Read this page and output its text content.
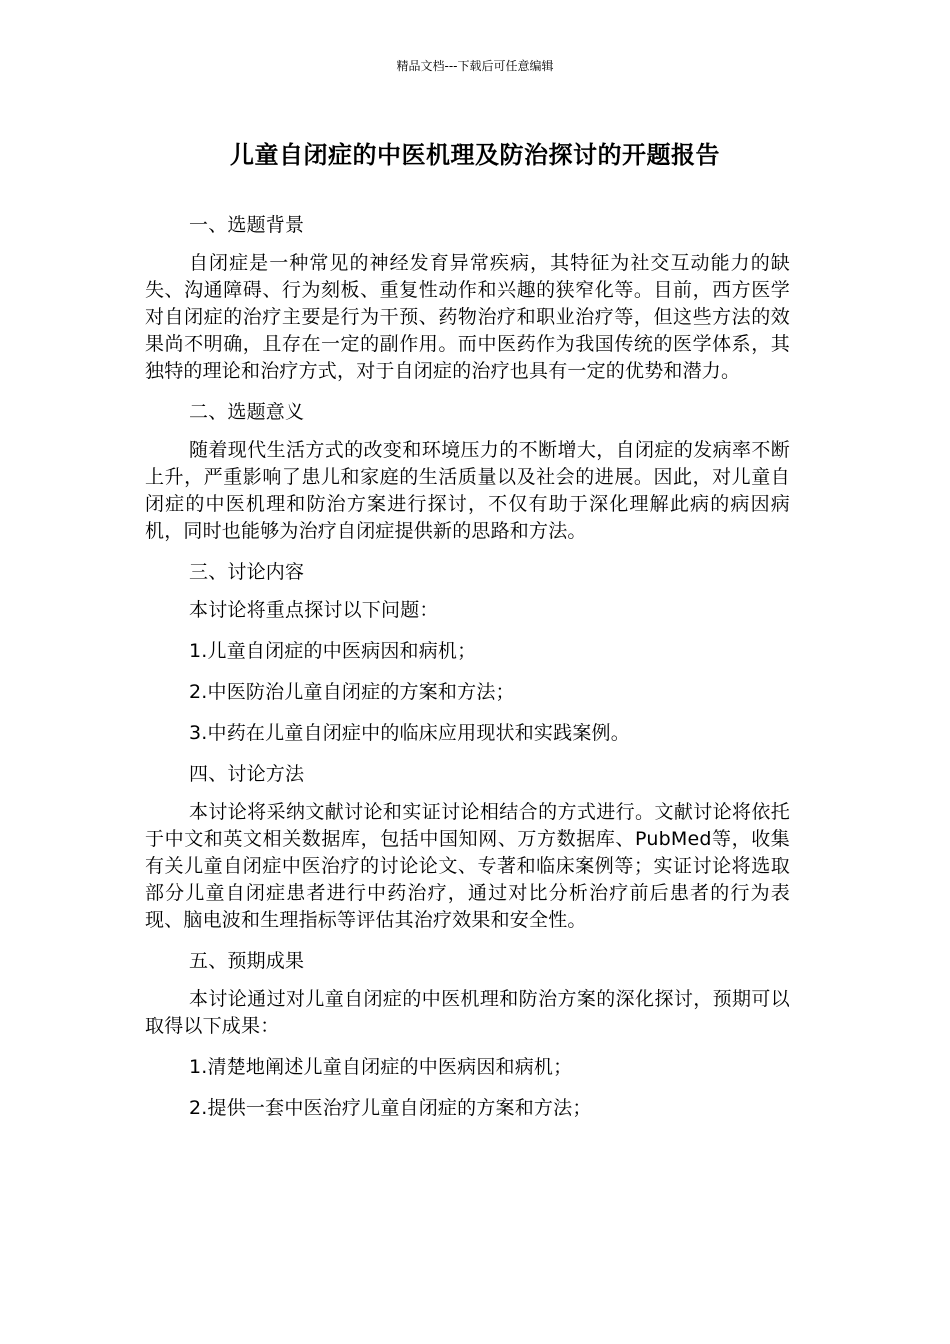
精品文档---下载后可任意编辑
儿童自闭症的中医机理及防治探讨的开题报告

一、选题背景

自闭症是一种常见的神经发育异常疾病，其特征为社交互动能力的缺失、沟通障碍、行为刻板、重复性动作和兴趣的狭窄化等。目前，西方医学对自闭症的治疗主要是行为干预、药物治疗和职业治疗等，但这些方法的效果尚不明确，且存在一定的副作用。而中医药作为我国传统的医学体系，其独特的理论和治疗方式，对于自闭症的治疗也具有一定的优势和潜力。

二、选题意义

随着现代生活方式的改变和环境压力的不断增大，自闭症的发病率不断上升，严重影响了患儿和家庭的生活质量以及社会的进展。因此，对儿童自闭症的中医机理和防治方案进行探讨，不仅有助于深化理解此病的病因病机，同时也能够为治疗自闭症提供新的思路和方法。

三、讨论内容

本讨论将重点探讨以下问题：

1.儿童自闭症的中医病因和病机；

2.中医防治儿童自闭症的方案和方法；

3.中药在儿童自闭症中的临床应用现状和实践案例。

四、讨论方法

本讨论将采纳文献讨论和实证讨论相结合的方式进行。文献讨论将依托于中文和英文相关数据库，包括中国知网、万方数据库、PubMed等，收集有关儿童自闭症中医治疗的讨论论文、专著和临床案例等；实证讨论将选取部分儿童自闭症患者进行中药治疗，通过对比分析治疗前后患者的行为表现、脑电波和生理指标等评估其治疗效果和安全性。

五、预期成果

本讨论通过对儿童自闭症的中医机理和防治方案的深化探讨，预期可以取得以下成果：

1.清楚地阐述儿童自闭症的中医病因和病机；

2.提供一套中医治疗儿童自闭症的方案和方法；
